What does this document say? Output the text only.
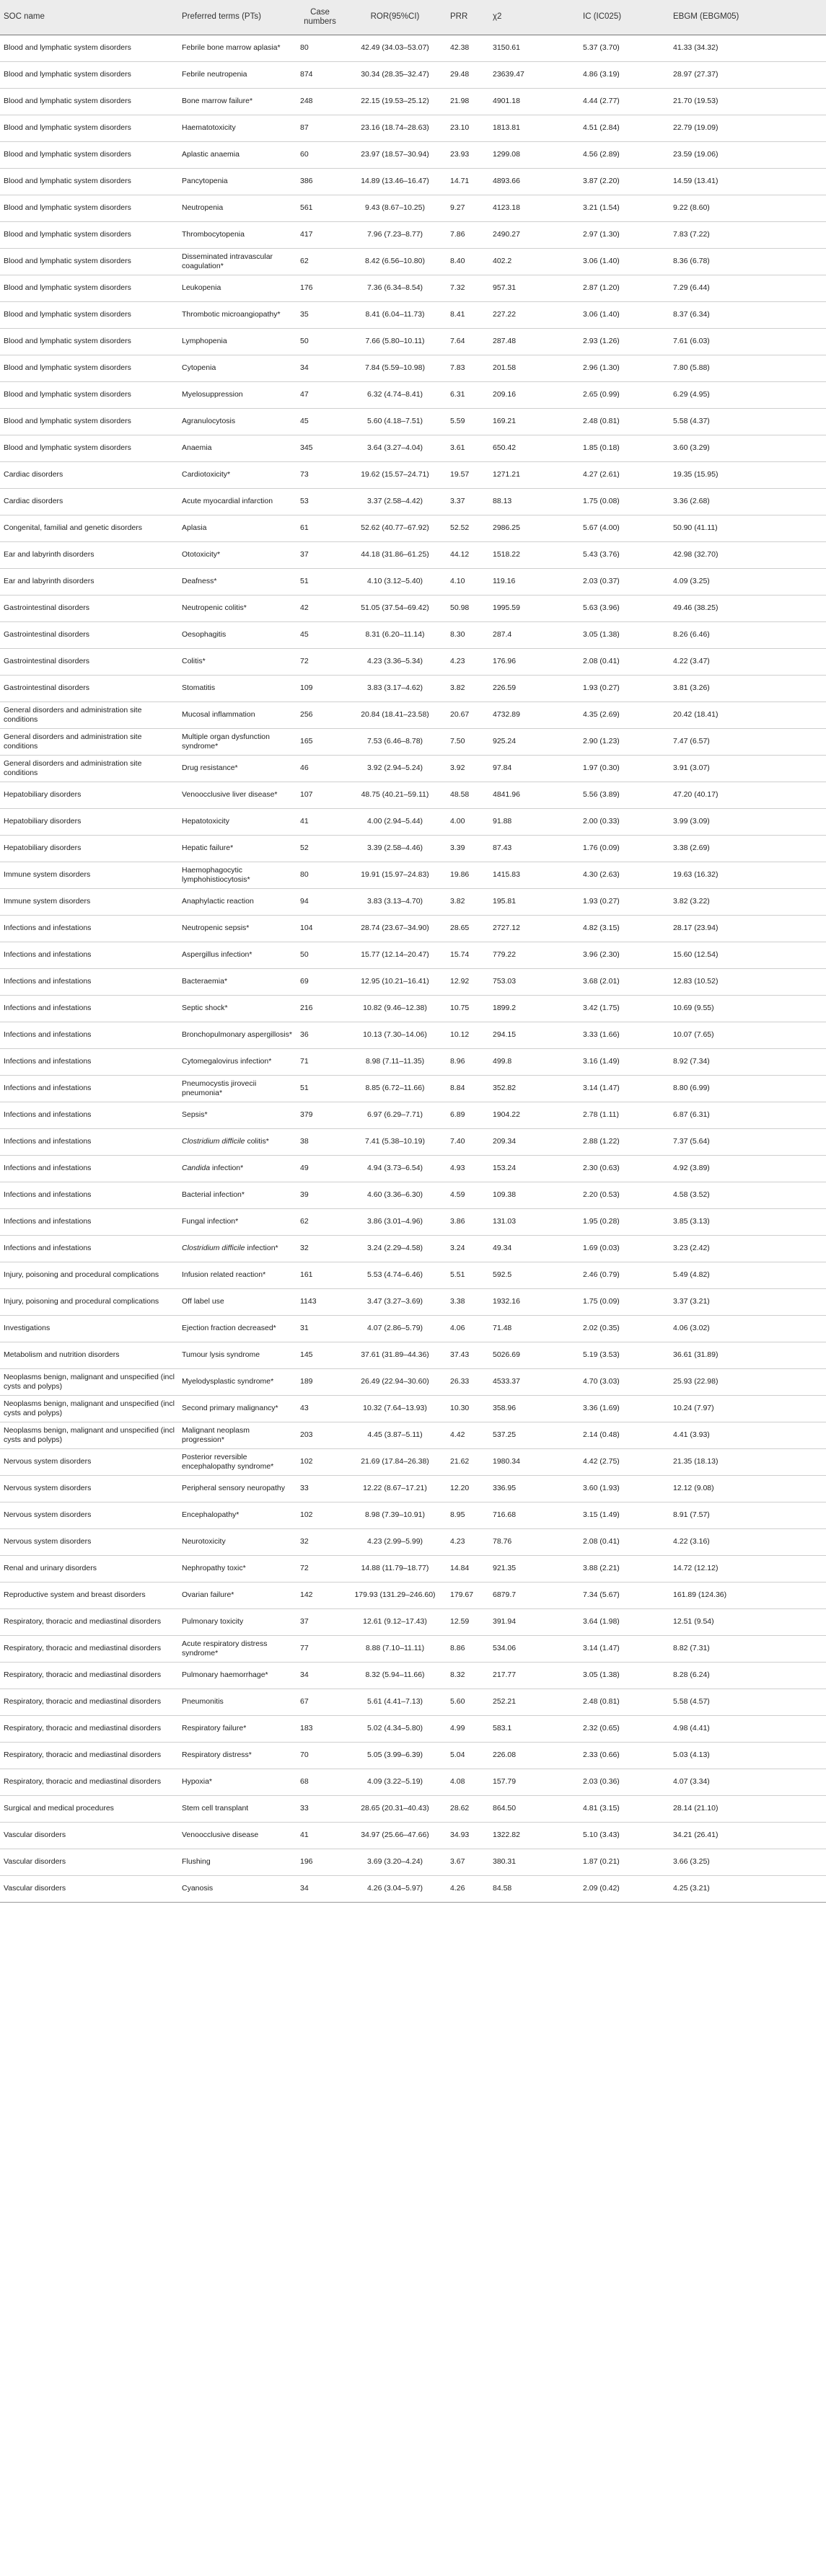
SOC name	Preferred terms (PTs)	Case numbers	ROR(95%CI)	PRR	χ2	IC (IC025)	EBGM (EBGM05)
Blood and lymphatic system disorders	Febrile bone marrow aplasia*	80	42.49 (34.03–53.07)	42.38	3150.61	5.37 (3.70)	41.33 (34.32)
Blood and lymphatic system disorders	Febrile neutropenia	874	30.34 (28.35–32.47)	29.48	23639.47	4.86 (3.19)	28.97 (27.37)
Blood and lymphatic system disorders	Bone marrow failure*	248	22.15 (19.53–25.12)	21.98	4901.18	4.44 (2.77)	21.70 (19.53)
Blood and lymphatic system disorders	Haematotoxicity	87	23.16 (18.74–28.63)	23.10	1813.81	4.51 (2.84)	22.79 (19.09)
Blood and lymphatic system disorders	Aplastic anaemia	60	23.97 (18.57–30.94)	23.93	1299.08	4.56 (2.89)	23.59 (19.06)
Blood and lymphatic system disorders	Pancytopenia	386	14.89 (13.46–16.47)	14.71	4893.66	3.87 (2.20)	14.59 (13.41)
Blood and lymphatic system disorders	Neutropenia	561	9.43 (8.67–10.25)	9.27	4123.18	3.21 (1.54)	9.22 (8.60)
Blood and lymphatic system disorders	Thrombocytopenia	417	7.96 (7.23–8.77)	7.86	2490.27	2.97 (1.30)	7.83 (7.22)
Blood and lymphatic system disorders	Disseminated intravascular coagulation*	62	8.42 (6.56–10.80)	8.40	402.2	3.06 (1.40)	8.36 (6.78)
Blood and lymphatic system disorders	Leukopenia	176	7.36 (6.34–8.54)	7.32	957.31	2.87 (1.20)	7.29 (6.44)
Blood and lymphatic system disorders	Thrombotic microangiopathy*	35	8.41 (6.04–11.73)	8.41	227.22	3.06 (1.40)	8.37 (6.34)
Blood and lymphatic system disorders	Lymphopenia	50	7.66 (5.80–10.11)	7.64	287.48	2.93 (1.26)	7.61 (6.03)
Blood and lymphatic system disorders	Cytopenia	34	7.84 (5.59–10.98)	7.83	201.58	2.96 (1.30)	7.80 (5.88)
Blood and lymphatic system disorders	Myelosuppression	47	6.32 (4.74–8.41)	6.31	209.16	2.65 (0.99)	6.29 (4.95)
Blood and lymphatic system disorders	Agranulocytosis	45	5.60 (4.18–7.51)	5.59	169.21	2.48 (0.81)	5.58 (4.37)
Blood and lymphatic system disorders	Anaemia	345	3.64 (3.27–4.04)	3.61	650.42	1.85 (0.18)	3.60 (3.29)
Cardiac disorders	Cardiotoxicity*	73	19.62 (15.57–24.71)	19.57	1271.21	4.27 (2.61)	19.35 (15.95)
Cardiac disorders	Acute myocardial infarction	53	3.37 (2.58–4.42)	3.37	88.13	1.75 (0.08)	3.36 (2.68)
Congenital, familial and genetic disorders	Aplasia	61	52.62 (40.77–67.92)	52.52	2986.25	5.67 (4.00)	50.90 (41.11)
Ear and labyrinth disorders	Ototoxicity*	37	44.18 (31.86–61.25)	44.12	1518.22	5.43 (3.76)	42.98 (32.70)
Ear and labyrinth disorders	Deafness*	51	4.10 (3.12–5.40)	4.10	119.16	2.03 (0.37)	4.09 (3.25)
Gastrointestinal disorders	Neutropenic colitis*	42	51.05 (37.54–69.42)	50.98	1995.59	5.63 (3.96)	49.46 (38.25)
Gastrointestinal disorders	Oesophagitis	45	8.31 (6.20–11.14)	8.30	287.4	3.05 (1.38)	8.26 (6.46)
Gastrointestinal disorders	Colitis*	72	4.23 (3.36–5.34)	4.23	176.96	2.08 (0.41)	4.22 (3.47)
Gastrointestinal disorders	Stomatitis	109	3.83 (3.17–4.62)	3.82	226.59	1.93 (0.27)	3.81 (3.26)
General disorders and administration site conditions	Mucosal inflammation	256	20.84 (18.41–23.58)	20.67	4732.89	4.35 (2.69)	20.42 (18.41)
General disorders and administration site conditions	Multiple organ dysfunction syndrome*	165	7.53 (6.46–8.78)	7.50	925.24	2.90 (1.23)	7.47 (6.57)
General disorders and administration site conditions	Drug resistance*	46	3.92 (2.94–5.24)	3.92	97.84	1.97 (0.30)	3.91 (3.07)
Hepatobiliary disorders	Venoocclusive liver disease*	107	48.75 (40.21–59.11)	48.58	4841.96	5.56 (3.89)	47.20 (40.17)
Hepatobiliary disorders	Hepatotoxicity	41	4.00 (2.94–5.44)	4.00	91.88	2.00 (0.33)	3.99 (3.09)
Hepatobiliary disorders	Hepatic failure*	52	3.39 (2.58–4.46)	3.39	87.43	1.76 (0.09)	3.38 (2.69)
Immune system disorders	Haemophagocytic lymphohistiocytosis*	80	19.91 (15.97–24.83)	19.86	1415.83	4.30 (2.63)	19.63 (16.32)
Immune system disorders	Anaphylactic reaction	94	3.83 (3.13–4.70)	3.82	195.81	1.93 (0.27)	3.82 (3.22)
Infections and infestations	Neutropenic sepsis*	104	28.74 (23.67–34.90)	28.65	2727.12	4.82 (3.15)	28.17 (23.94)
Infections and infestations	Aspergillus infection*	50	15.77 (12.14–20.47)	15.74	779.22	3.96 (2.30)	15.60 (12.54)
Infections and infestations	Bacteraemia*	69	12.95 (10.21–16.41)	12.92	753.03	3.68 (2.01)	12.83 (10.52)
Infections and infestations	Septic shock*	216	10.82 (9.46–12.38)	10.75	1899.2	3.42 (1.75)	10.69 (9.55)
Infections and infestations	Bronchopulmonary aspergillosis*	36	10.13 (7.30–14.06)	10.12	294.15	3.33 (1.66)	10.07 (7.65)
Infections and infestations	Cytomegalovirus infection*	71	8.98 (7.11–11.35)	8.96	499.8	3.16 (1.49)	8.92 (7.34)
Infections and infestations	Pneumocystis jirovecii pneumonia*	51	8.85 (6.72–11.66)	8.84	352.82	3.14 (1.47)	8.80 (6.99)
Infections and infestations	Sepsis*	379	6.97 (6.29–7.71)	6.89	1904.22	2.78 (1.11)	6.87 (6.31)
Infections and infestations	Clostridium difficile colitis*	38	7.41 (5.38–10.19)	7.40	209.34	2.88 (1.22)	7.37 (5.64)
Infections and infestations	Candida infection*	49	4.94 (3.73–6.54)	4.93	153.24	2.30 (0.63)	4.92 (3.89)
Infections and infestations	Bacterial infection*	39	4.60 (3.36–6.30)	4.59	109.38	2.20 (0.53)	4.58 (3.52)
Infections and infestations	Fungal infection*	62	3.86 (3.01–4.96)	3.86	131.03	1.95 (0.28)	3.85 (3.13)
Infections and infestations	Clostridium difficile infection*	32	3.24 (2.29–4.58)	3.24	49.34	1.69 (0.03)	3.23 (2.42)
Injury, poisoning and procedural complications	Infusion related reaction*	161	5.53 (4.74–6.46)	5.51	592.5	2.46 (0.79)	5.49 (4.82)
Injury, poisoning and procedural complications	Off label use	1143	3.47 (3.27–3.69)	3.38	1932.16	1.75 (0.09)	3.37 (3.21)
Investigations	Ejection fraction decreased*	31	4.07 (2.86–5.79)	4.06	71.48	2.02 (0.35)	4.06 (3.02)
Metabolism and nutrition disorders	Tumour lysis syndrome	145	37.61 (31.89–44.36)	37.43	5026.69	5.19 (3.53)	36.61 (31.89)
Neoplasms benign, malignant and unspecified (incl cysts and polyps)	Myelodysplastic syndrome*	189	26.49 (22.94–30.60)	26.33	4533.37	4.70 (3.03)	25.93 (22.98)
Neoplasms benign, malignant and unspecified (incl cysts and polyps)	Second primary malignancy*	43	10.32 (7.64–13.93)	10.30	358.96	3.36 (1.69)	10.24 (7.97)
Neoplasms benign, malignant and unspecified (incl cysts and polyps)	Malignant neoplasm progression*	203	4.45 (3.87–5.11)	4.42	537.25	2.14 (0.48)	4.41 (3.93)
Nervous system disorders	Posterior reversible encephalopathy syndrome*	102	21.69 (17.84–26.38)	21.62	1980.34	4.42 (2.75)	21.35 (18.13)
Nervous system disorders	Peripheral sensory neuropathy	33	12.22 (8.67–17.21)	12.20	336.95	3.60 (1.93)	12.12 (9.08)
Nervous system disorders	Encephalopathy*	102	8.98 (7.39–10.91)	8.95	716.68	3.15 (1.49)	8.91 (7.57)
Nervous system disorders	Neurotoxicity	32	4.23 (2.99–5.99)	4.23	78.76	2.08 (0.41)	4.22 (3.16)
Renal and urinary disorders	Nephropathy toxic*	72	14.88 (11.79–18.77)	14.84	921.35	3.88 (2.21)	14.72 (12.12)
Reproductive system and breast disorders	Ovarian failure*	142	179.93 (131.29–246.60)	179.67	6879.7	7.34 (5.67)	161.89 (124.36)
Respiratory, thoracic and mediastinal disorders	Pulmonary toxicity	37	12.61 (9.12–17.43)	12.59	391.94	3.64 (1.98)	12.51 (9.54)
Respiratory, thoracic and mediastinal disorders	Acute respiratory distress syndrome*	77	8.88 (7.10–11.11)	8.86	534.06	3.14 (1.47)	8.82 (7.31)
Respiratory, thoracic and mediastinal disorders	Pulmonary haemorrhage*	34	8.32 (5.94–11.66)	8.32	217.77	3.05 (1.38)	8.28 (6.24)
Respiratory, thoracic and mediastinal disorders	Pneumonitis	67	5.61 (4.41–7.13)	5.60	252.21	2.48 (0.81)	5.58 (4.57)
Respiratory, thoracic and mediastinal disorders	Respiratory failure*	183	5.02 (4.34–5.80)	4.99	583.1	2.32 (0.65)	4.98 (4.41)
Respiratory, thoracic and mediastinal disorders	Respiratory distress*	70	5.05 (3.99–6.39)	5.04	226.08	2.33 (0.66)	5.03 (4.13)
Respiratory, thoracic and mediastinal disorders	Hypoxia*	68	4.09 (3.22–5.19)	4.08	157.79	2.03 (0.36)	4.07 (3.34)
Surgical and medical procedures	Stem cell transplant	33	28.65 (20.31–40.43)	28.62	864.50	4.81 (3.15)	28.14 (21.10)
Vascular disorders	Venoocclusive disease	41	34.97 (25.66–47.66)	34.93	1322.82	5.10 (3.43)	34.21 (26.41)
Vascular disorders	Flushing	196	3.69 (3.20–4.24)	3.67	380.31	1.87 (0.21)	3.66 (3.25)
Vascular disorders	Cyanosis	34	4.26 (3.04–5.97)	4.26	84.58	2.09 (0.42)	4.25 (3.21)
